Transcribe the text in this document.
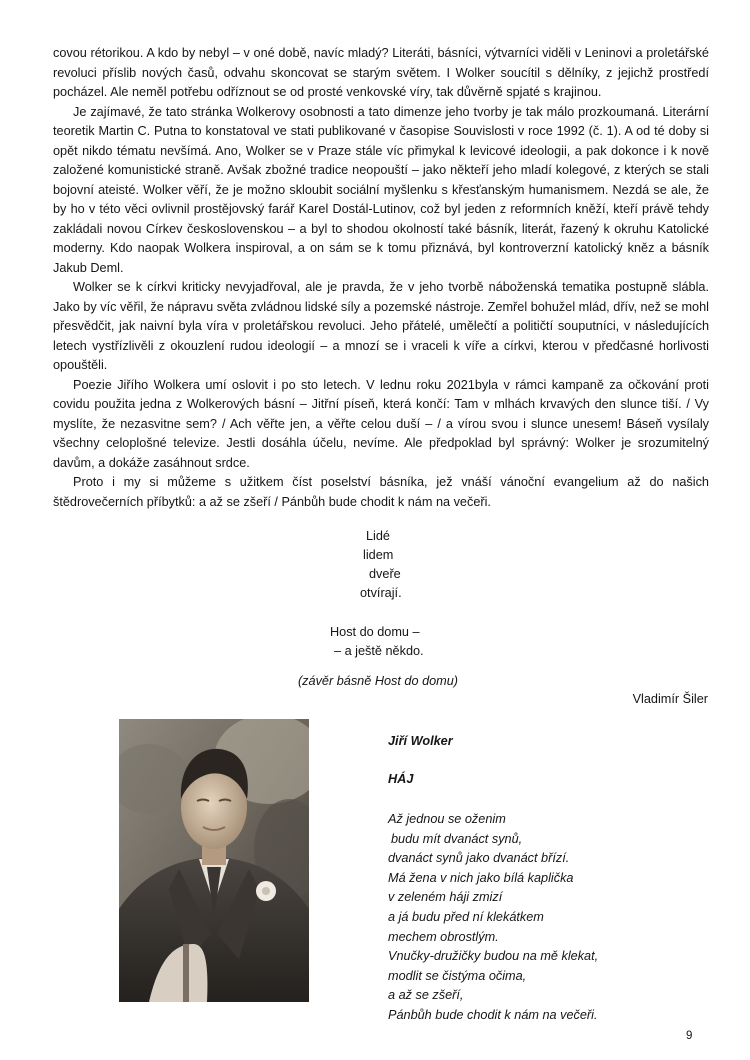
covou rétorikou. A kdo by nebyl – v oné době, navíc mladý? Literáti, básníci, výtvarníci viděli v Leninovi a proletářské revoluci příslib nových časů, odvahu skoncovat se starým světem. I Wolker soucítil s dělníky, z jejichž prostředí pocházel. Ale neměl potřebu odříznout se od prosté venkovské víry, tak důvěrně spjaté s krajinou.

Je zajímavé, že tato stránka Wolkerovy osobnosti a tato dimenze jeho tvorby je tak málo prozkoumaná. Literární teoretik Martin C. Putna to konstatoval ve stati publikované v časopise Souvislosti v roce 1992 (č. 1). A od té doby si opět nikdo tématu nevšímá. Ano, Wolker se v Praze stále víc přimykal k levicové ideologii, a pak dokonce i k nově založené komunistické straně. Avšak zbožné tradice neopouští – jako někteří jeho mladí kolegové, z kterých se stali bojovní ateisté. Wolker věří, že je možno skloubit sociální myšlenku s křesťanským humanismem. Nezdá se ale, že by ho v této věci ovlivnil prostějovský farář Karel Dostál-Lutinov, což byl jeden z reformních kněží, kteří právě tehdy zakládali novou Církev československou – a byl to shodou okolností také básník, literát, řazený k okruhu Katolické moderny. Kdo naopak Wolkera inspiroval, a on sám se k tomu přiznává, byl kontroverzní katolický kněz a básník Jakub Deml.

Wolker se k církvi kriticky nevyjadřoval, ale je pravda, že v jeho tvorbě náboženská tematika postupně slábla. Jako by víc věřil, že nápravu světa zvládnou lidské síly a pozemské nástroje. Zemřel bohužel mlád, dřív, než se mohl přesvědčit, jak naivní byla víra v proletářskou revoluci. Jeho přátelé, umělečtí a političtí souputníci, v následujících letech vystřízlivěli z okouzlení rudou ideologií – a mnozí se i vraceli k víře a církvi, kterou v předčasné horlivosti opouštěli.

Poezie Jiřího Wolkera umí oslovit i po sto letech. V lednu roku 2021byla v rámci kampaně za očkování proti covidu použita jedna z Wolkerových básní – Jitřní píseň, která končí: Tam v mlhách krvavých den slunce tiší. / Vy myslíte, že nezasvitne sem? / Ach věřte jen, a věřte celou duší – / a vírou svou i slunce unesem! Báseň vysílaly všechny celoplošné televize. Jestli dosáhla účelu, nevíme. Ale předpoklad byl správný: Wolker je srozumitelný davům, a dokáže zasáhnout srdce.

Proto i my si můžeme s užitkem číst poselství básníka, jež vnáší vánoční evangelium až do našich štědrovečerních příbytků: a až se zšeří / Pánbůh bude chodit k nám na večeři.

Lidé
lidem
dveře
otvírají.
Host do domu –
– a ještě někdo.
(závěr básně Host do domu)
Vladimír Šiler
Jiří Wolker
HÁJ
Až jednou se oženim
budu mít dvanáct synů,
dvanáct synů jako dvanáct břízí.
Má žena v nich jako bílá kaplička
v zeleném háji zmizí
a já budu před ní klekátkem
mechem obrostlým.
Vnučky-družičky budou na mě klekat,
modlit se čistýma očima,
a až se zšeří,
Pánbůh bude chodit k nám na večeři.
9
